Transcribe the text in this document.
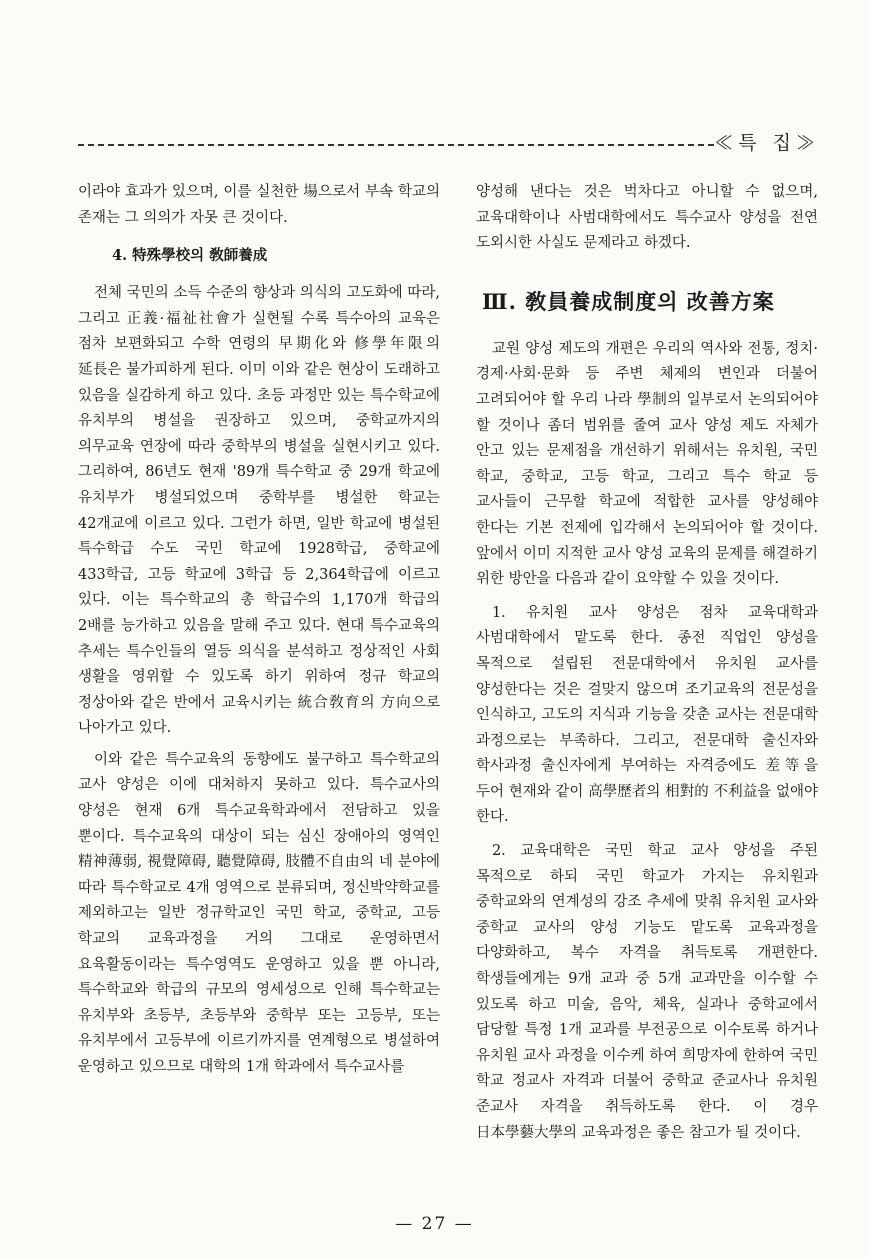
≪특 집≫

이라야 효과가 있으며, 이를 실천한 場으로서 부속 학교의 존재는 그 의의가 자못 큰 것이다.

4. 特殊學校의 敎師養成

전체 국민의 소득 수준의 향상과 의식의 고도화에 따라, 그리고 正義·福祉社會가 실현될 수록 특수아의 교육은 점차 보편화되고 수학 연령의 早期化와 修學年限의 延長은 불가피하게 된다. 이미 이와 같은 현상이 도래하고 있음을 실감하게 하고 있다. 초등 과정만 있는 특수학교에 유치부의 병설을 권장하고 있으며, 중학교까지의 의무교육 연장에 따라 중학부의 병설을 실현시키고 있다. 그리하여, 86년도 현재 '89개 특수학교 중 29개 학교에 유치부가 병설되었으며 중학부를 병설한 학교는 42개교에 이르고 있다. 그런가 하면, 일반 학교에 병설된 특수학급 수도 국민 학교에 1928학급, 중학교에 433학급, 고등 학교에 3학급 등 2,364학급에 이르고 있다. 이는 특수학교의 총 학급수의 1,170개 학급의 2배를 능가하고 있음을 말해 주고 있다. 현대 특수교육의 추세는 특수인들의 열등 의식을 분석하고 정상적인 사회 생활을 영위할 수 있도록 하기 위하여 정규 학교의 정상아와 같은 반에서 교육시키는 統合敎育의 方向으로 나아가고 있다.

이와 같은 특수교육의 동향에도 불구하고 특수학교의 교사 양성은 이에 대처하지 못하고 있다. 특수교사의 양성은 현재 6개 특수교육학과에서 전담하고 있을 뿐이다. 특수교육의 대상이 되는 심신 장애아의 영역인 精神薄弱, 視覺障碍, 聽覺障碍, 肢體不自由의 네 분야에 따라 특수학교로 4개 영역으로 분류되며, 정신박약학교를 제외하고는 일반 정규학교인 국민 학교, 중학교, 고등 학교의 교육과정을 거의 그대로 운영하면서 요육활동이라는 특수영역도 운영하고 있을 뿐 아니라, 특수학교와 학급의 규모의 영세성으로 인해 특수학교는 유치부와 초등부, 초등부와 중학부 또는 고등부, 또는 유치부에서 고등부에 이르기까지를 연계형으로 병설하여 운영하고 있으므로 대학의 1개 학과에서 특수교사를

양성해 낸다는 것은 벅차다고 아니할 수 없으며, 교육대학이나 사범대학에서도 특수교사 양성을 전연 도외시한 사실도 문제라고 하겠다.

Ⅲ. 敎員養成制度의 改善方案

교원 양성 제도의 개편은 우리의 역사와 전통, 정치·경제·사회·문화 등 주변 체제의 변인과 더불어 고려되어야 할 우리 나라 學制의 일부로서 논의되어야 할 것이나 좀더 범위를 줄여 교사 양성 제도 자체가 안고 있는 문제점을 개선하기 위해서는 유치원, 국민 학교, 중학교, 고등 학교, 그리고 특수 학교 등 교사들이 근무할 학교에 적합한 교사를 양성해야 한다는 기본 전제에 입각해서 논의되어야 할 것이다. 앞에서 이미 지적한 교사 양성 교육의 문제를 해결하기 위한 방안을 다음과 같이 요약할 수 있을 것이다.

1. 유치원 교사 양성은 점차 교육대학과 사범대학에서 맡도록 한다. 종전 직업인 양성을 목적으로 설립된 전문대학에서 유치원 교사를 양성한다는 것은 걸맞지 않으며 조기교육의 전문성을 인식하고, 고도의 지식과 기능을 갖춘 교사는 전문대학 과정으로는 부족하다. 그리고, 전문대학 출신자와 학사과정 출신자에게 부여하는 자격증에도 差等을 두어 현재와 같이 高學歷者의 相對的 不利益을 없애야 한다.

2. 교육대학은 국민 학교 교사 양성을 주된 목적으로 하되 국민 학교가 가지는 유치원과 중학교와의 연계성의 강조 추세에 맞춰 유치원 교사와 중학교 교사의 양성 기능도 맡도록 교육과정을 다양화하고, 복수 자격을 취득토록 개편한다. 학생들에게는 9개 교과 중 5개 교과만을 이수할 수 있도록 하고 미술, 음악, 체육, 실과나 중학교에서 담당할 특정 1개 교과를 부전공으로 이수토록 하거나 유치원 교사 과정을 이수케 하여 희망자에 한하여 국민 학교 정교사 자격과 더불어 중학교 준교사나 유치원 준교사 자격을 취득하도록 한다. 이 경우 日本學藝大學의 교육과정은 좋은 참고가 될 것이다.

— 27 —
